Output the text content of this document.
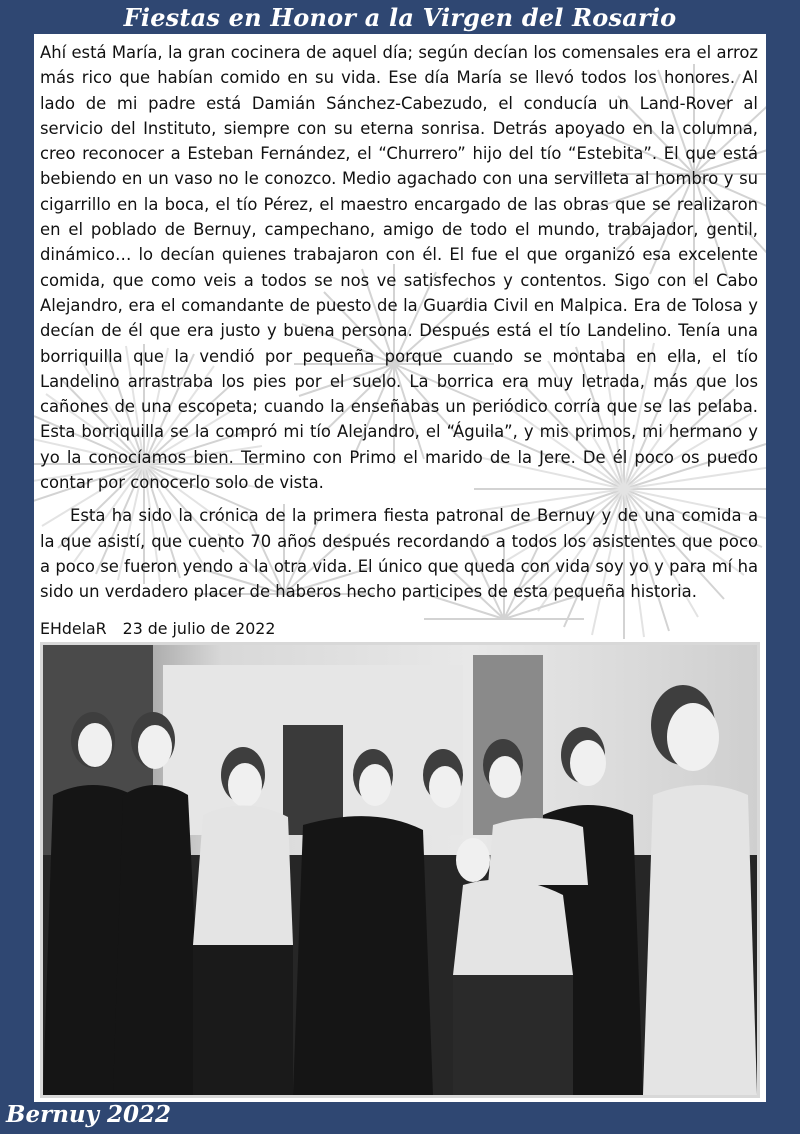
Fiestas en Honor a la Virgen del Rosario

Ahí está María, la gran cocinera de aquel día; según decían los comensales era el arroz más rico que habían comido en su vida. Ese día María se llevó todos los honores. Al lado de mi padre está Damián Sánchez-Cabezudo, el conducía un Land-Rover al servicio del Instituto, siempre con su eterna sonrisa. Detrás apoyado en la columna, creo reconocer a Esteban Fernández, el “Churrero” hijo del tío “Estebita”. El que está bebiendo en un vaso no le conozco. Medio agachado con una servilleta al hombro y su cigarrillo en la boca, el tío Pérez, el maestro encargado de las obras que se realizaron en el poblado de Bernuy, campechano, amigo de todo el mundo, trabajador, gentil, dinámico… lo decían quienes trabajaron con él. El fue el que organizó esa excelente comida, que como veis a todos se nos ve satisfechos y contentos. Sigo con el Cabo Alejandro, era el comandante de puesto de la Guardia Civil en Malpica. Era de Tolosa y decían de él que era justo y buena persona. Después está el tío Landelino. Tenía una borriquilla que la vendió por pequeña porque cuando se montaba en ella, el tío Landelino arrastraba los pies por el suelo. La borrica era muy letrada, más que los cañones de una escopeta; cuando la enseñabas un periódico corría que se las pelaba. Esta borriquilla se la compró mi tío Alejandro, el “Águila”, y mis primos, mi hermano y yo la conocíamos bien. Termino con Primo el marido de la Jere. De él poco os puedo contar por conocerlo solo de vista.

Esta ha sido la crónica de la primera fiesta patronal de Bernuy y de una comida a la que asistí, que cuento 70 años después recordando a todos los asistentes que poco a poco se fueron yendo a la otra vida. El único que queda con vida soy yo y para mí ha sido un verdadero placer de haberos hecho participes de esta pequeña historia.

EHdelaR 23 de julio de 2022

Bernuy 2022
